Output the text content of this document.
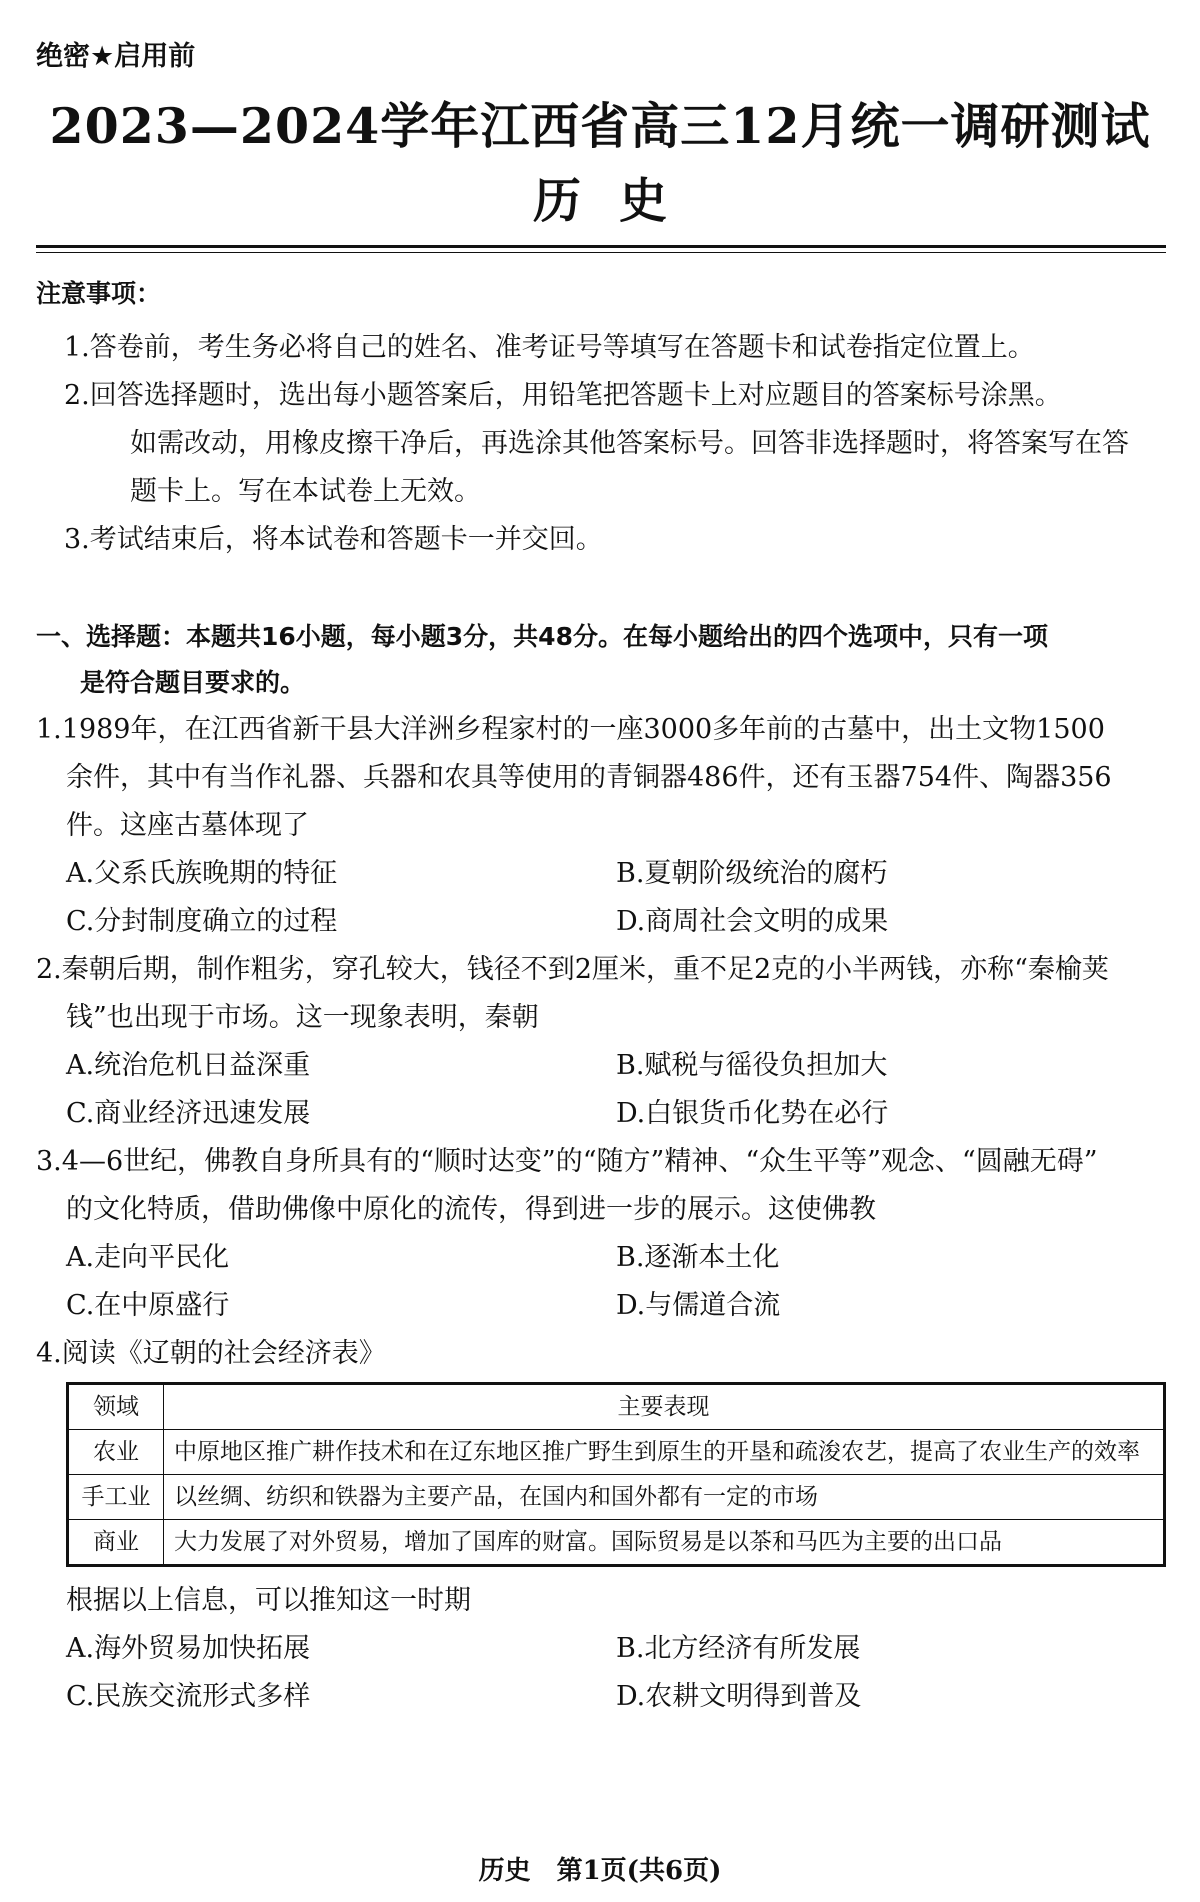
绝密★启用前
2023—2024学年江西省高三12月统一调研测试
历史
注意事项：
1.答卷前，考生务必将自己的姓名、准考证号等填写在答题卡和试卷指定位置上。
2.回答选择题时，选出每小题答案后，用铅笔把答题卡上对应题目的答案标号涂黑。
如需改动，用橡皮擦干净后，再选涂其他答案标号。回答非选择题时，将答案写在答
题卡上。写在本试卷上无效。
3.考试结束后，将本试卷和答题卡一并交回。
一、选择题：本题共16小题，每小题3分，共48分。在每小题给出的四个选项中，只有一项
是符合题目要求的。
1.1989年，在江西省新干县大洋洲乡程家村的一座3000多年前的古墓中，出土文物1500
余件，其中有当作礼器、兵器和农具等使用的青铜器486件，还有玉器754件、陶器356
件。这座古墓体现了
A.父系氏族晚期的特征	B.夏朝阶级统治的腐朽
C.分封制度确立的过程	D.商周社会文明的成果
2.秦朝后期，制作粗劣，穿孔较大，钱径不到2厘米，重不足2克的小半两钱，亦称“秦榆荚
钱”也出现于市场。这一现象表明，秦朝
A.统治危机日益深重	B.赋税与徭役负担加大
C.商业经济迅速发展	D.白银货币化势在必行
3.4—6世纪，佛教自身所具有的“顺时达变”的“随方”精神、“众生平等”观念、“圆融无碍”
的文化特质，借助佛像中原化的流传，得到进一步的展示。这使佛教
A.走向平民化	B.逐渐本土化
C.在中原盛行	D.与儒道合流
4.阅读《辽朝的社会经济表》
领域	主要表现
农业	中原地区推广耕作技术和在辽东地区推广野生到原生的开垦和疏浚农艺，提高了农业生产的效率
手工业	以丝绸、纺织和铁器为主要产品，在国内和国外都有一定的市场
商业	大力发展了对外贸易，增加了国库的财富。国际贸易是以茶和马匹为主要的出口品
根据以上信息，可以推知这一时期
A.海外贸易加快拓展	B.北方经济有所发展
C.民族交流形式多样	D.农耕文明得到普及
历史　第1页(共6页)
